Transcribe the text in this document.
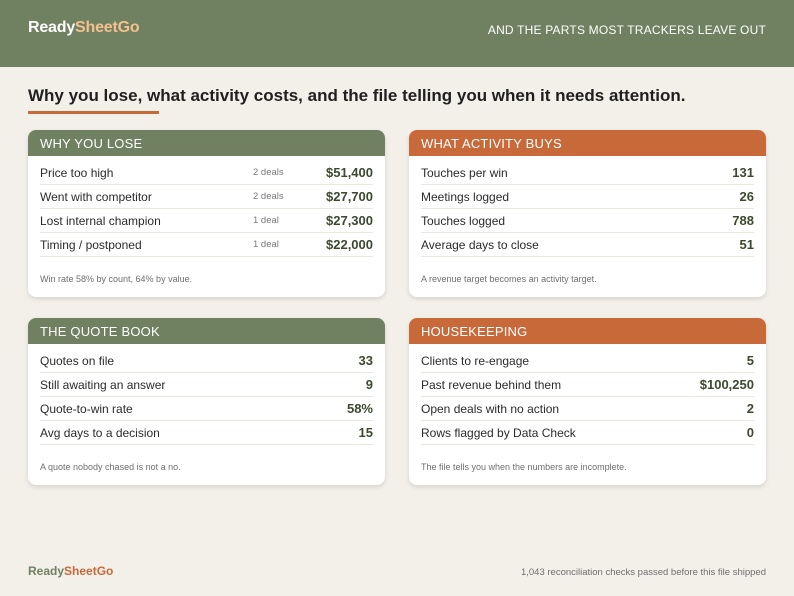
ReadySheetGo	AND THE PARTS MOST TRACKERS LEAVE OUT
Why you lose, what activity costs, and the file telling you when it needs attention.
WHY YOU LOSE
Price too high	2 deals	$51,400
Went with competitor	2 deals	$27,700
Lost internal champion	1 deal	$27,300
Timing / postponed	1 deal	$22,000
Win rate 58% by count, 64% by value.
WHAT ACTIVITY BUYS
Touches per win	131
Meetings logged	26
Touches logged	788
Average days to close	51
A revenue target becomes an activity target.
THE QUOTE BOOK
Quotes on file	33
Still awaiting an answer	9
Quote-to-win rate	58%
Avg days to a decision	15
A quote nobody chased is not a no.
HOUSEKEEPING
Clients to re-engage	5
Past revenue behind them	$100,250
Open deals with no action	2
Rows flagged by Data Check	0
The file tells you when the numbers are incomplete.
ReadySheetGo	1,043 reconciliation checks passed before this file shipped
